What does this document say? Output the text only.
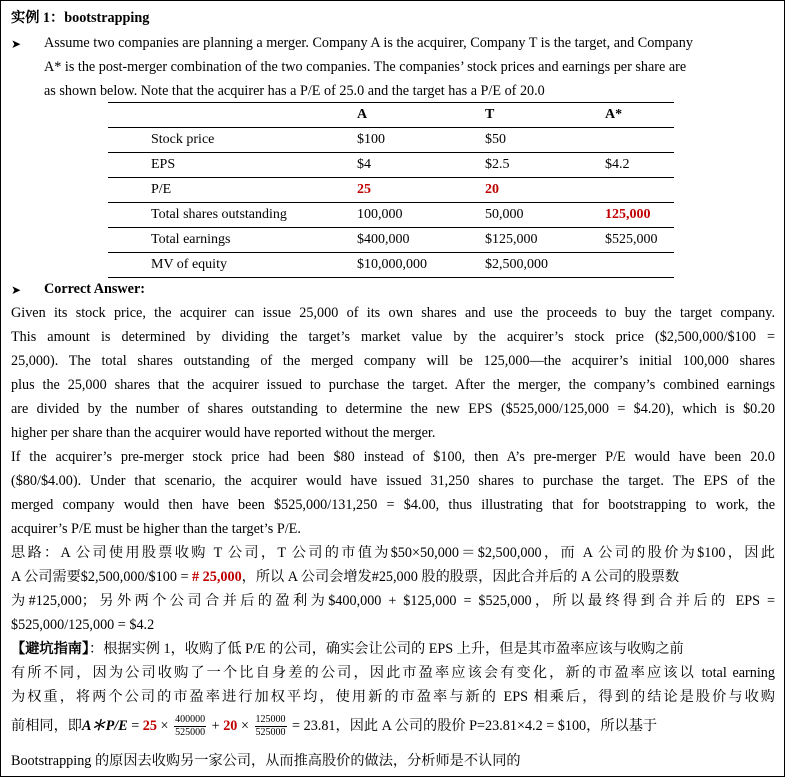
实例 1：bootstrapping
➤ Assume two companies are planning a merger. Company A is the acquirer, Company T is the target, and Company
A* is the post-merger combination of the two companies. The companies’ stock prices and earnings per share are
as shown below. Note that the acquirer has a P/E of 25.0 and the target has a P/E of 20.0
		A	T	A*
	Stock price	$100	$50	
	EPS	$4	$2.5	$4.2
	P/E	25	20	
	Total shares outstanding	100,000	50,000	125,000
	Total earnings	$400,000	$125,000	$525,000
	MV of equity	$10,000,000	$2,500,000	
➤ Correct Answer:
Given its stock price, the acquirer can issue 25,000 of its own shares and use the proceeds to buy the target company.
This amount is determined by dividing the target’s market value by the acquirer’s stock price ($2,500,000/$100 =
25,000). The total shares outstanding of the merged company will be 125,000—the acquirer’s initial 100,000 shares
plus the 25,000 shares that the acquirer issued to purchase the target. After the merger, the company’s combined earnings
are divided by the number of shares outstanding to determine the new EPS ($525,000/125,000 = $4.20), which is $0.20
higher per share than the acquirer would have reported without the merger.
If the acquirer’s pre-merger stock price had been $80 instead of $100, then A’s pre-merger P/E would have been 20.0
($80/$4.00). Under that scenario, the acquirer would have issued 31,250 shares to purchase the target. The EPS of the
merged company would then have been $525,000/131,250 = $4.00, thus illustrating that for bootstrapping to work, the
acquirer’s P/E must be higher than the target’s P/E.
思路：A 公司使用股票收购 T 公司，T 公司的市值为$50×50,000＝$2,500,000，而 A 公司的股价为$100，因此
A 公司需要$2,500,000/$100 = # 25,000，所以 A 公司会增发#25,000 股的股票，因此合并后的 A 公司的股票数
为#125,000；另外两个公司合并后的盈利为$400,000 + $125,000 = $525,000，所以最终得到合并后的 EPS =
$525,000/125,000 = $4.2
【避坑指南】：根据实例 1，收购了低 P/E 的公司，确实会让公司的 EPS 上升，但是其市盈率应该与收购之前
有所不同，因为公司收购了一个比自身差的公司，因此市盈率应该会有变化，新的市盈率应该以 total earning
为权重，将两个公司的市盈率进行加权平均，使用新的市盈率与新的 EPS 相乘后，得到的结论是股价与收购
前相同，即A＊P/E = $25 \times \frac{400000}{525000} + 20 \times \frac{125000}{525000} = 23.81$，因此 A 公司的股价 P=23.81×4.2 = $100，所以基于
Bootstrapping 的原因去收购另一家公司，从而推高股价的做法，分析师是不认同的
